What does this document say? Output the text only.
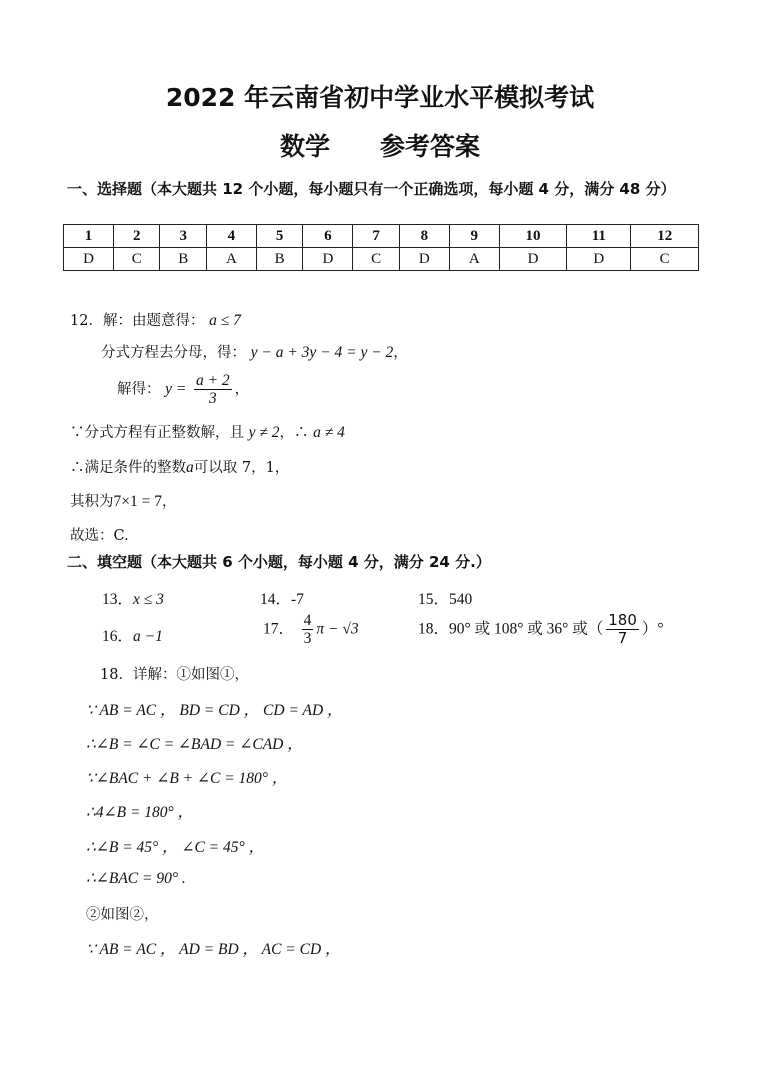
2022 年云南省初中学业水平模拟考试
数学　　参考答案
一、选择题（本大题共 12 个小题，每小题只有一个正确选项，每小题 4 分，满分 48 分）
1	2	3	4	5	6	7	8	9	10	11	12
D	C	B	A	B	D	C	D	A	D	D	C
12．解：由题意得： a ≤ 7
分式方程去分母，得： y − a + 3y − 4 = y − 2，
解得： $y = \frac{a + 2}{3}$ ，
∵分式方程有正整数解，且 y ≠ 2，∴ a ≠ 4
∴满足条件的整数a可以取 7，1，
其积为7×1 = 7，
故选：C.
二、填空题（本大题共 6 个小题，每小题 4 分，满分 24 分.）
13．x ≤ 3	14．-7	15．540
16．a −1	17． $\frac{4}{3}$ π − √3	18．90° 或 108° 或 36° 或（ $\frac{180}{7}$ ）°
18．详解：①如图①，
∵ AB = AC ， BD = CD ， CD = AD ，
∴∠B = ∠C = ∠BAD = ∠CAD ，
∵∠BAC + ∠B + ∠C = 180° ，
∴4∠B = 180° ，
∴∠B = 45° ， ∠C = 45° ，
∴∠BAC = 90° .
②如图②，
∵ AB = AC ， AD = BD ， AC = CD ，
